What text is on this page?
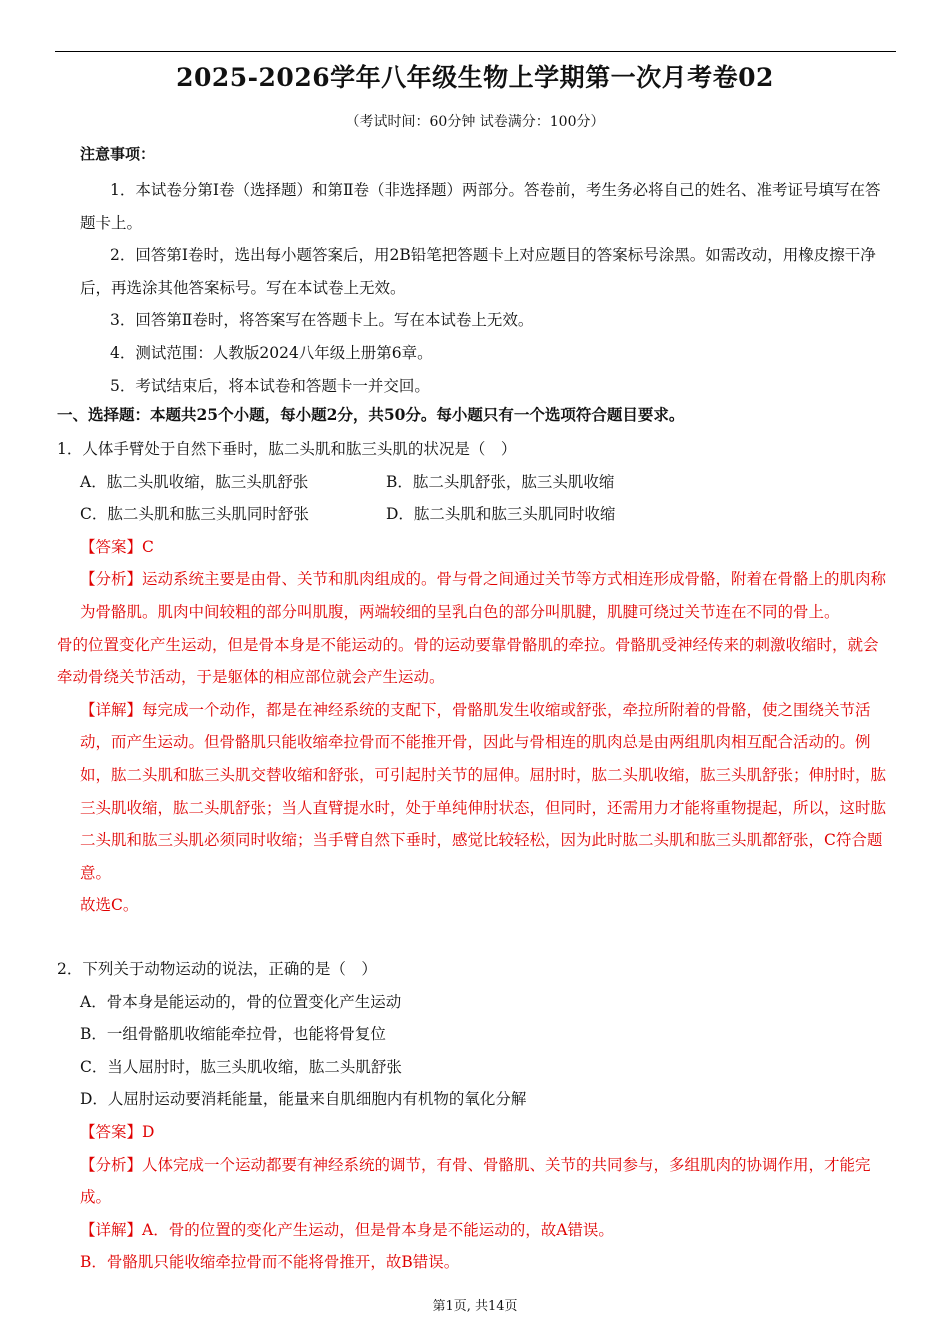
2025-2026学年八年级生物上学期第一次月考卷02
（考试时间：60分钟 试卷满分：100分）
注意事项：

1．本试卷分第Ⅰ卷（选择题）和第Ⅱ卷（非选择题）两部分。答卷前，考生务必将自己的姓名、准考证号填写在答题卡上。

2．回答第Ⅰ卷时，选出每小题答案后，用2B铅笔把答题卡上对应题目的答案标号涂黑。如需改动，用橡皮擦干净后，再选涂其他答案标号。写在本试卷上无效。

3．回答第Ⅱ卷时，将答案写在答题卡上。写在本试卷上无效。

4．测试范围：人教版2024八年级上册第6章。

5．考试结束后，将本试卷和答题卡一并交回。

一、选择题：本题共25个小题，每小题2分，共50分。每小题只有一个选项符合题目要求。

1．人体手臂处于自然下垂时，肱二头肌和肱三头肌的状况是（　）

A．肱二头肌收缩，肱三头肌舒张	B．肱二头肌舒张，肱三头肌收缩
C．肱二头肌和肱三头肌同时舒张	D．肱二头肌和肱三头肌同时收缩

【答案】C

【分析】运动系统主要是由骨、关节和肌肉组成的。骨与骨之间通过关节等方式相连形成骨骼，附着在骨骼上的肌肉称为骨骼肌。肌肉中间较粗的部分叫肌腹，两端较细的呈乳白色的部分叫肌腱，肌腱可绕过关节连在不同的骨上。

骨的位置变化产生运动，但是骨本身是不能运动的。骨的运动要靠骨骼肌的牵拉。骨骼肌受神经传来的刺激收缩时，就会牵动骨绕关节活动，于是躯体的相应部位就会产生运动。

【详解】每完成一个动作，都是在神经系统的支配下，骨骼肌发生收缩或舒张，牵拉所附着的骨骼，使之围绕关节活动，而产生运动。但骨骼肌只能收缩牵拉骨而不能推开骨，因此与骨相连的肌肉总是由两组肌肉相互配合活动的。例如，肱二头肌和肱三头肌交替收缩和舒张，可引起肘关节的屈伸。屈肘时，肱二头肌收缩，肱三头肌舒张；伸肘时，肱三头肌收缩，肱二头肌舒张；当人直臂提水时，处于单纯伸肘状态，但同时，还需用力才能将重物提起，所以，这时肱二头肌和肱三头肌必须同时收缩；当手臂自然下垂时，感觉比较轻松，因为此时肱二头肌和肱三头肌都舒张，C符合题意。

故选C。

2．下列关于动物运动的说法，正确的是（　）

A．骨本身是能运动的，骨的位置变化产生运动

B．一组骨骼肌收缩能牵拉骨，也能将骨复位

C．当人屈肘时，肱三头肌收缩，肱二头肌舒张

D．人屈肘运动要消耗能量，能量来自肌细胞内有机物的氧化分解

【答案】D

【分析】人体完成一个运动都要有神经系统的调节，有骨、骨骼肌、关节的共同参与，多组肌肉的协调作用，才能完成。

【详解】A．骨的位置的变化产生运动，但是骨本身是不能运动的，故A错误。

B．骨骼肌只能收缩牵拉骨而不能将骨推开，故B错误。

第1页, 共14页
